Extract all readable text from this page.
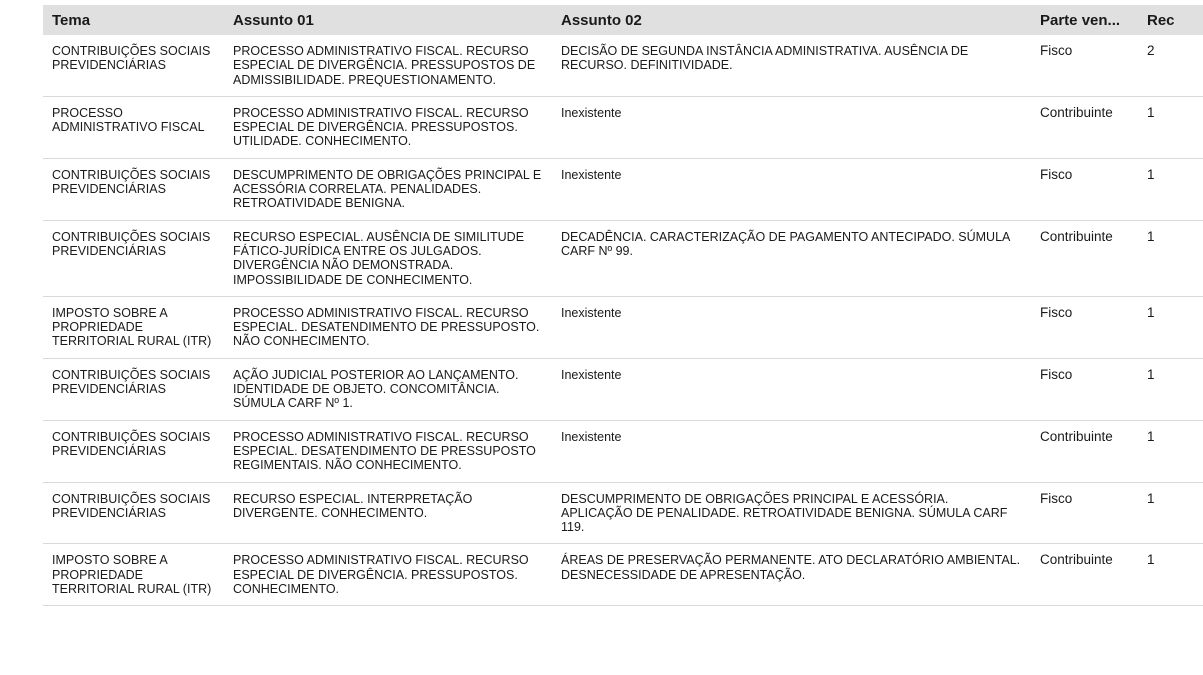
Tema	Assunto 01	Assunto 02	Parte ven...	Rec

CONTRIBUIÇÕES SOCIAIS PREVIDENCIÁRIAS	PROCESSO ADMINISTRATIVO FISCAL. RECURSO ESPECIAL DE DIVERGÊNCIA. PRESSUPOSTOS DE ADMISSIBILIDADE. PREQUESTIONAMENTO.	DECISÃO DE SEGUNDA INSTÂNCIA ADMINISTRATIVA. AUSÊNCIA DE RECURSO. DEFINITIVIDADE.	Fisco	2

PROCESSO ADMINISTRATIVO FISCAL	PROCESSO ADMINISTRATIVO FISCAL. RECURSO ESPECIAL DE DIVERGÊNCIA. PRESSUPOSTOS. UTILIDADE. CONHECIMENTO.	Inexistente	Contribuinte	1

CONTRIBUIÇÕES SOCIAIS PREVIDENCIÁRIAS	DESCUMPRIMENTO DE OBRIGAÇÕES PRINCIPAL E ACESSÓRIA CORRELATA. PENALIDADES. RETROATIVIDADE BENIGNA.	Inexistente	Fisco	1

CONTRIBUIÇÕES SOCIAIS PREVIDENCIÁRIAS	RECURSO ESPECIAL. AUSÊNCIA DE SIMILITUDE FÁTICO-JURÍDICA ENTRE OS JULGADOS. DIVERGÊNCIA NÃO DEMONSTRADA. IMPOSSIBILIDADE DE CONHECIMENTO.	DECADÊNCIA. CARACTERIZAÇÃO DE PAGAMENTO ANTECIPADO. SÚMULA CARF Nº 99.	Contribuinte	1

IMPOSTO SOBRE A PROPRIEDADE TERRITORIAL RURAL (ITR)	PROCESSO ADMINISTRATIVO FISCAL. RECURSO ESPECIAL. DESATENDIMENTO DE PRESSUPOSTO. NÃO CONHECIMENTO.	Inexistente	Fisco	1

CONTRIBUIÇÕES SOCIAIS PREVIDENCIÁRIAS	AÇÃO JUDICIAL POSTERIOR AO LANÇAMENTO. IDENTIDADE DE OBJETO. CONCOMITÂNCIA. SÚMULA CARF Nº 1.	Inexistente	Fisco	1

CONTRIBUIÇÕES SOCIAIS PREVIDENCIÁRIAS	PROCESSO ADMINISTRATIVO FISCAL. RECURSO ESPECIAL. DESATENDIMENTO DE PRESSUPOSTO REGIMENTAIS. NÃO CONHECIMENTO.	Inexistente	Contribuinte	1

CONTRIBUIÇÕES SOCIAIS PREVIDENCIÁRIAS	RECURSO ESPECIAL. INTERPRETAÇÃO DIVERGENTE. CONHECIMENTO.	DESCUMPRIMENTO DE OBRIGAÇÕES PRINCIPAL E ACESSÓRIA. APLICAÇÃO DE PENALIDADE. RETROATIVIDADE BENIGNA. SÚMULA CARF 119.	Fisco	1

IMPOSTO SOBRE A PROPRIEDADE TERRITORIAL RURAL (ITR)	PROCESSO ADMINISTRATIVO FISCAL. RECURSO ESPECIAL DE DIVERGÊNCIA. PRESSUPOSTOS. CONHECIMENTO.	ÁREAS DE PRESERVAÇÃO PERMANENTE. ATO DECLARATÓRIO AMBIENTAL. DESNECESSIDADE DE APRESENTAÇÃO.	Contribuinte	1
